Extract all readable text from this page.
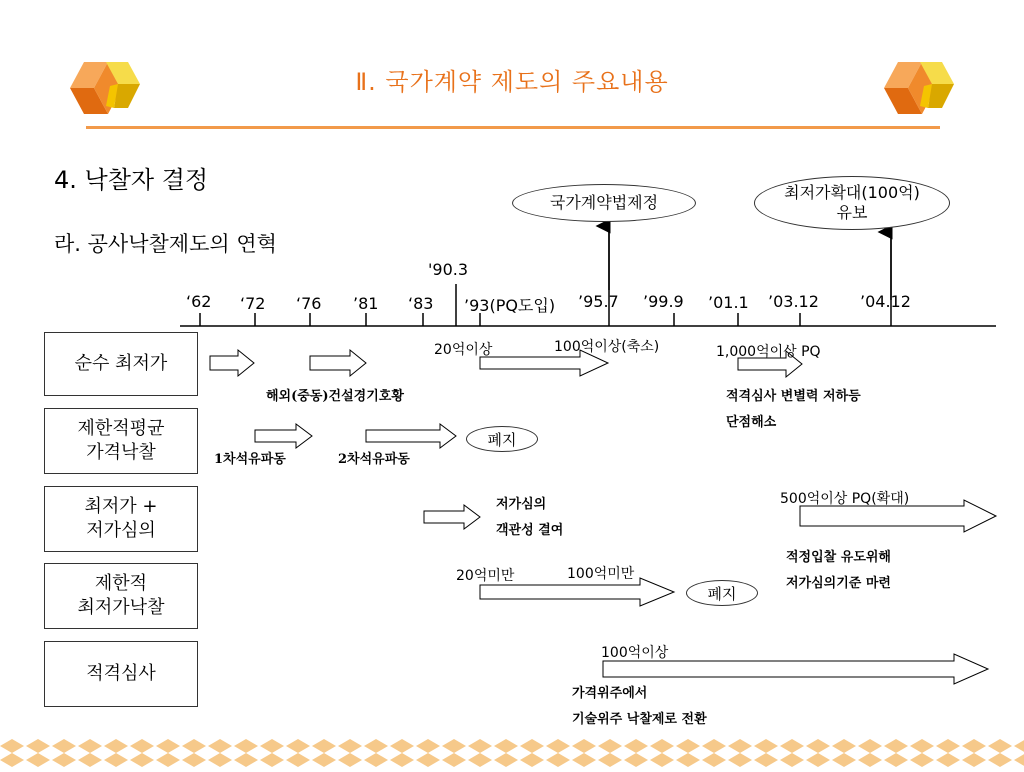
Ⅱ. 국가계약 제도의 주요내용
4. 낙찰자 결정
라. 공사낙찰제도의 연혁
국가계약법제정
최저가확대(100억)
유보
'90.3
‘62 ‘72 ‘76 ’81 ‘83 ’93(PQ도입) ’95.7 ’99.9 ’01.1 ’03.12	’04.12
순수 최저가
제한적평균
가격낙찰
최저가 +
저가심의
제한적
최저가낙찰
적격심사
20억이상	100억이상(축소)	1,000억이상 PQ
500억이상 PQ(확대)
20억미만	100억미만
100억이상
해외(중동)건설경기호황	적격심사 변별력 저하등
단점해소
1차석유파동	2차석유파동
폐지
저가심의
객관성 결여
적정입찰 유도위해
저가심의기준 마련
폐지
가격위주에서
기술위주 낙찰제로 전환
